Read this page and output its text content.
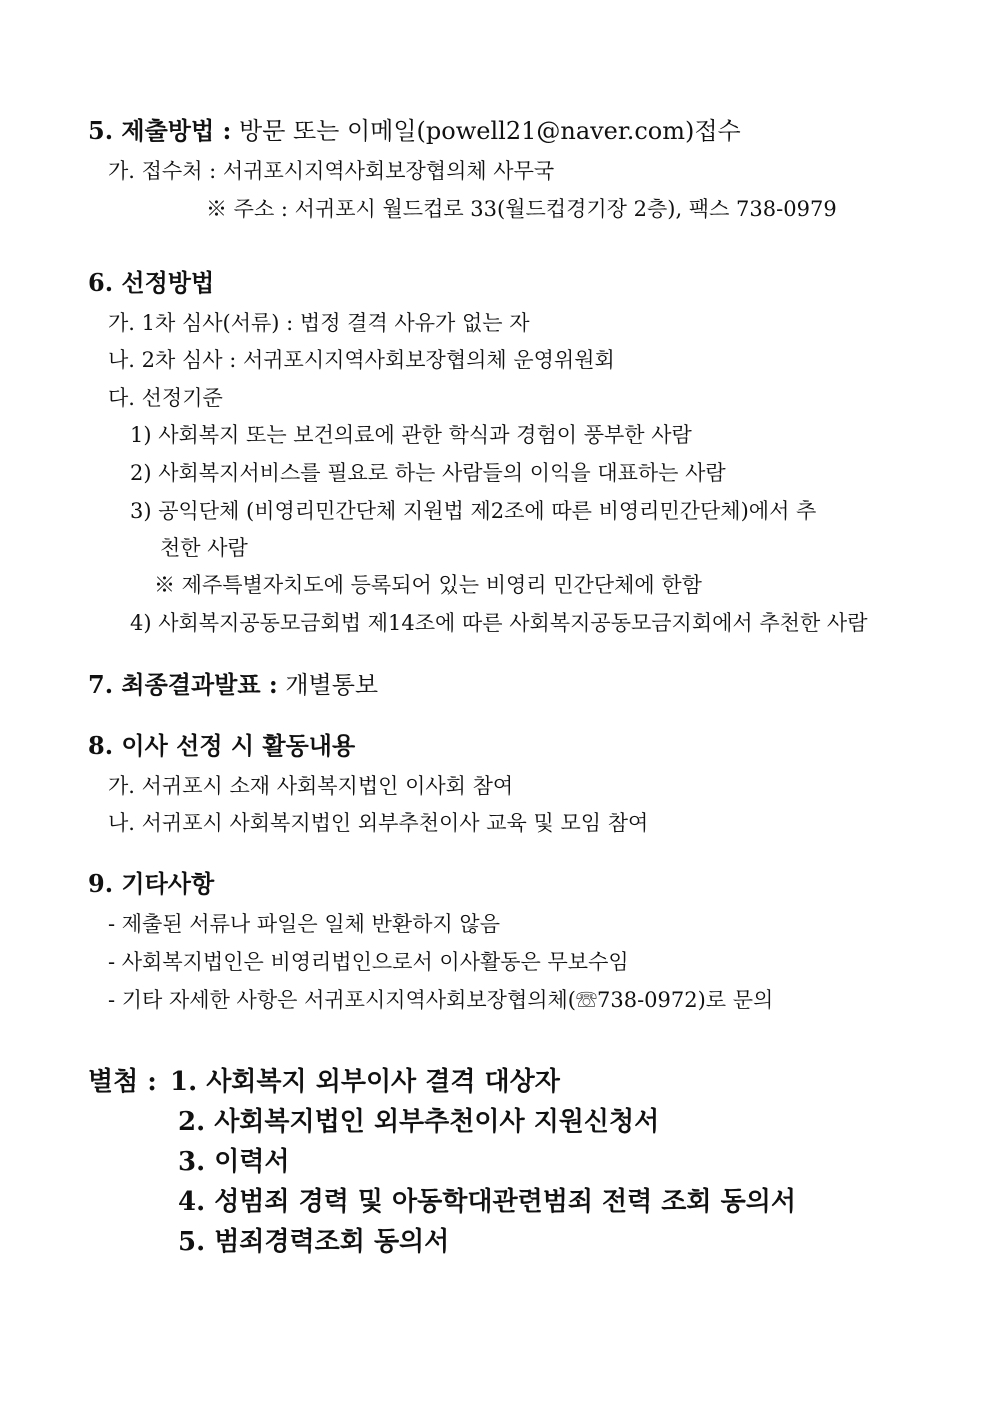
5. 제출방법 : 방문 또는 이메일(powell21@naver.com)접수
가. 접수처 : 서귀포시지역사회보장협의체 사무국
※ 주소 : 서귀포시 월드컵로 33(월드컵경기장 2층), 팩스 738-0979
6. 선정방법
가. 1차 심사(서류) : 법정 결격 사유가 없는 자
나. 2차 심사 : 서귀포시지역사회보장협의체 운영위원회
다. 선정기준
1) 사회복지 또는 보건의료에 관한 학식과 경험이 풍부한 사람
2) 사회복지서비스를 필요로 하는 사람들의 이익을 대표하는 사람
3) 공익단체 (비영리민간단체 지원법 제2조에 따른 비영리민간단체)에서 추
천한 사람
※ 제주특별자치도에 등록되어 있는 비영리 민간단체에 한함
4) 사회복지공동모금회법 제14조에 따른 사회복지공동모금지회에서 추천한 사람
7. 최종결과발표 : 개별통보
8. 이사 선정 시 활동내용
가. 서귀포시 소재 사회복지법인 이사회 참여
나. 서귀포시 사회복지법인 외부추천이사 교육 및 모임 참여
9. 기타사항
- 제출된 서류나 파일은 일체 반환하지 않음
- 사회복지법인은 비영리법인으로서 이사활동은 무보수임
- 기타 자세한 사항은 서귀포시지역사회보장협의체(☏738-0972)로 문의
별첨 : 1. 사회복지 외부이사 결격 대상자
2. 사회복지법인 외부추천이사 지원신청서
3. 이력서
4. 성범죄 경력 및 아동학대관련범죄 전력 조회 동의서
5. 범죄경력조회 동의서
